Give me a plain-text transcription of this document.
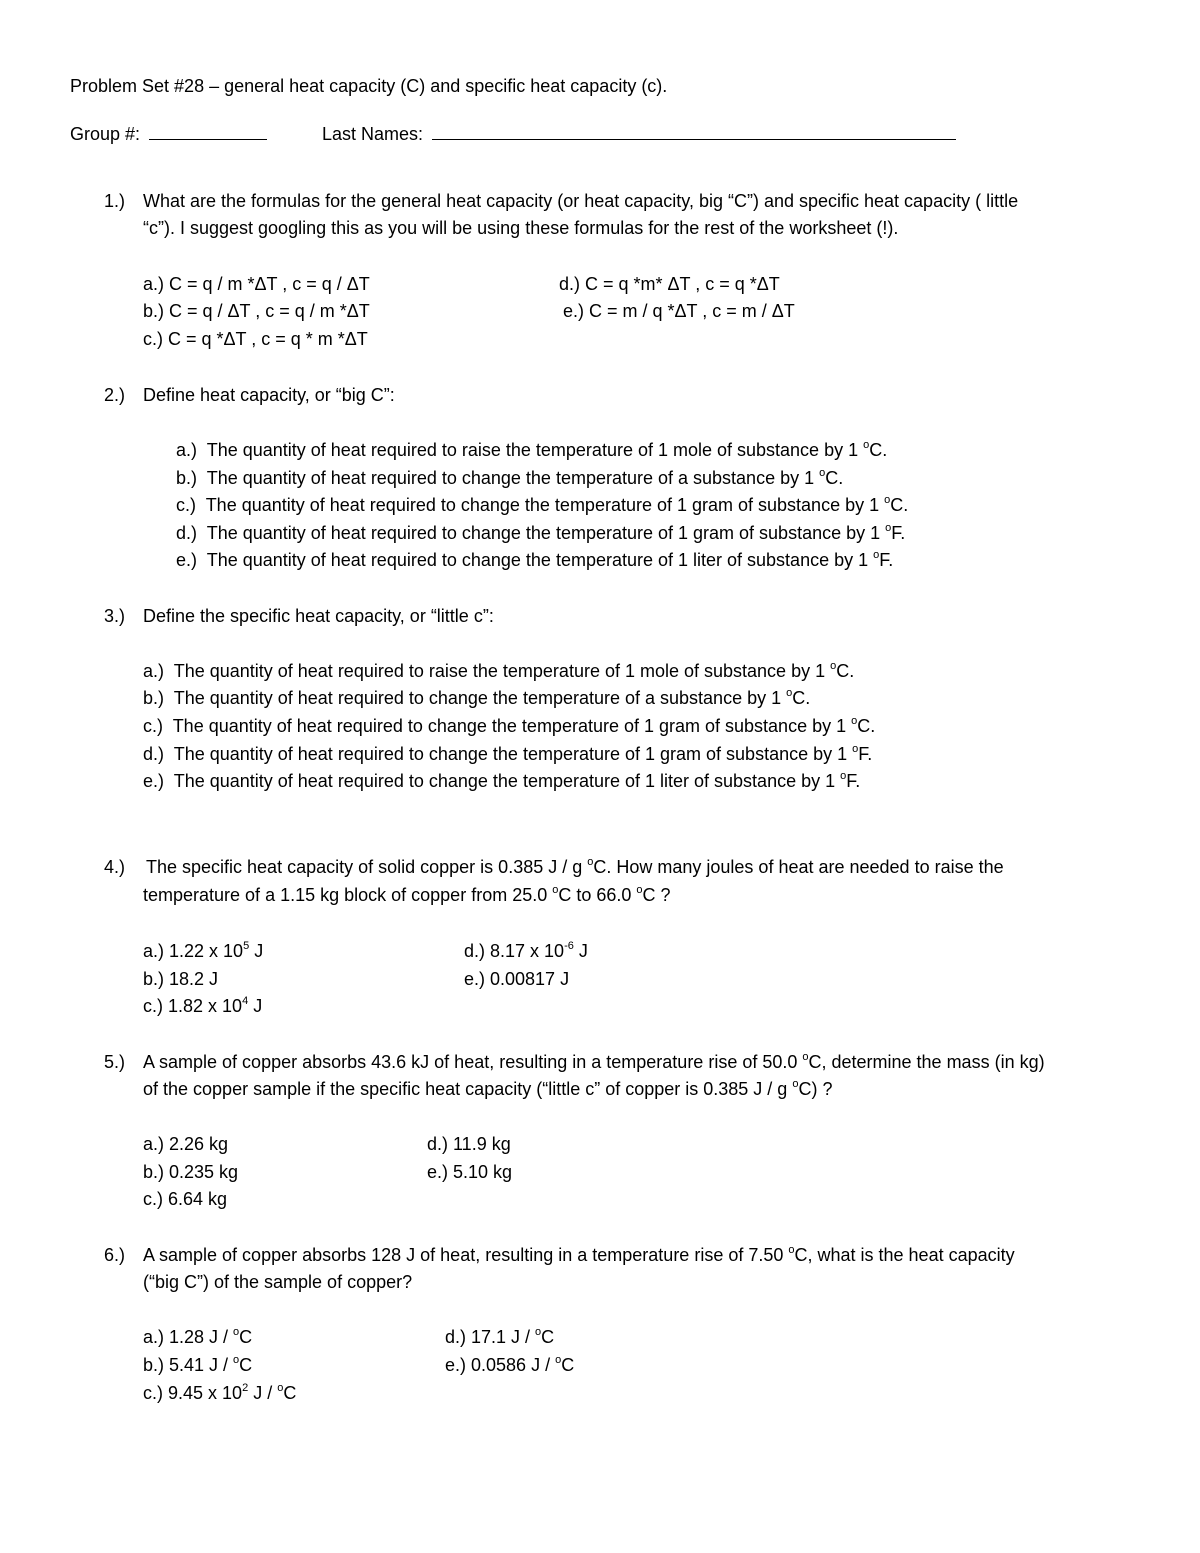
Problem Set #28 – general heat capacity (C) and specific heat capacity (c).
Group #:	Last Names:
1.) What are the formulas for the general heat capacity (or heat capacity, big “C”) and specific heat capacity ( little
“c”). I suggest googling this as you will be using these formulas for the rest of the worksheet (!).
a.) C = q / m *ΔT , c = q / ΔT
b.) C = q / ΔT , c = q / m *ΔT
c.) C = q *ΔT , c = q * m *ΔT
d.) C = q *m* ΔT , c = q *ΔT
e.) C = m / q *ΔT , c = m / ΔT
2.) Define heat capacity, or “big C”:
a.) The quantity of heat required to raise the temperature of 1 mole of substance by 1 $^o$C.
b.) The quantity of heat required to change the temperature of a substance by 1 $^o$C.
c.) The quantity of heat required to change the temperature of 1 gram of substance by 1 $^o$C.
d.) The quantity of heat required to change the temperature of 1 gram of substance by 1 $^o$F.
e.) The quantity of heat required to change the temperature of 1 liter of substance by 1 $^o$F.
3.) Define the specific heat capacity, or “little c”:
a.) The quantity of heat required to raise the temperature of 1 mole of substance by 1 $^o$C.
b.) The quantity of heat required to change the temperature of a substance by 1 $^o$C.
c.) The quantity of heat required to change the temperature of 1 gram of substance by 1 $^o$C.
d.) The quantity of heat required to change the temperature of 1 gram of substance by 1 $^o$F.
e.) The quantity of heat required to change the temperature of 1 liter of substance by 1 $^o$F.
4.) The specific heat capacity of solid copper is 0.385 J / g $^o$C. How many joules of heat are needed to raise the
temperature of a 1.15 kg block of copper from 25.0 $^o$C to 66.0 $^o$C ?
a.) 1.22 x $10^5$ J
b.) 18.2 J
c.) 1.82 x $10^4$ J
d.) 8.17 x $10^{-6}$ J
e.) 0.00817 J
5.) A sample of copper absorbs 43.6 kJ of heat, resulting in a temperature rise of 50.0 $^o$C, determine the mass (in kg)
of the copper sample if the specific heat capacity (“little c” of copper is 0.385 J / g $^o$C) ?
a.) 2.26 kg
b.) 0.235 kg
c.) 6.64 kg
d.) 11.9 kg
e.) 5.10 kg
6.) A sample of copper absorbs 128 J of heat, resulting in a temperature rise of 7.50 $^o$C, what is the heat capacity
(“big C”) of the sample of copper?
a.) 1.28 J / $^o$C
b.) 5.41 J / $^o$C
c.) 9.45 x $10^2$ J / $^o$C
d.) 17.1 J / $^o$C
e.) 0.0586 J / $^o$C
